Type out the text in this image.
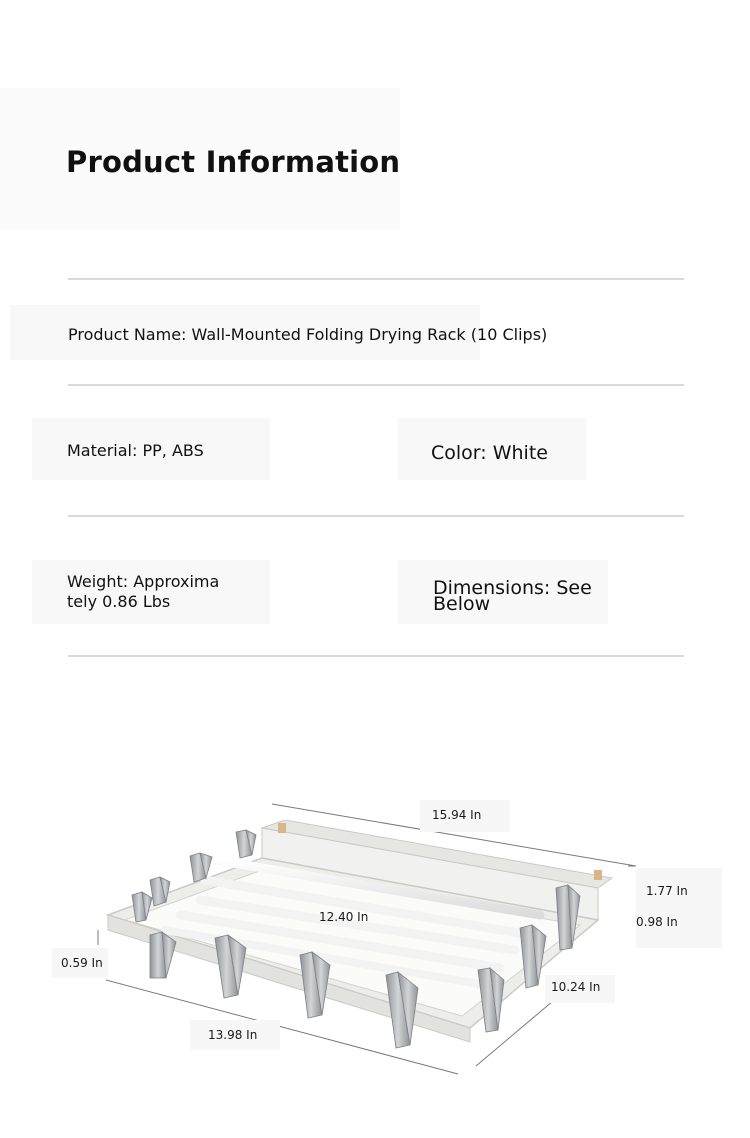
Product Information
Product Name: Wall-Mounted Folding Drying Rack (10 Clips)
Material: PP, ABS	Color: White
Weight: Approxima
tely 0.86 Lbs
Dimensions: See
Below
15.94 In
1.77 In
0.98 In
12.40 In
0.59 In
10.24 In
13.98 In
